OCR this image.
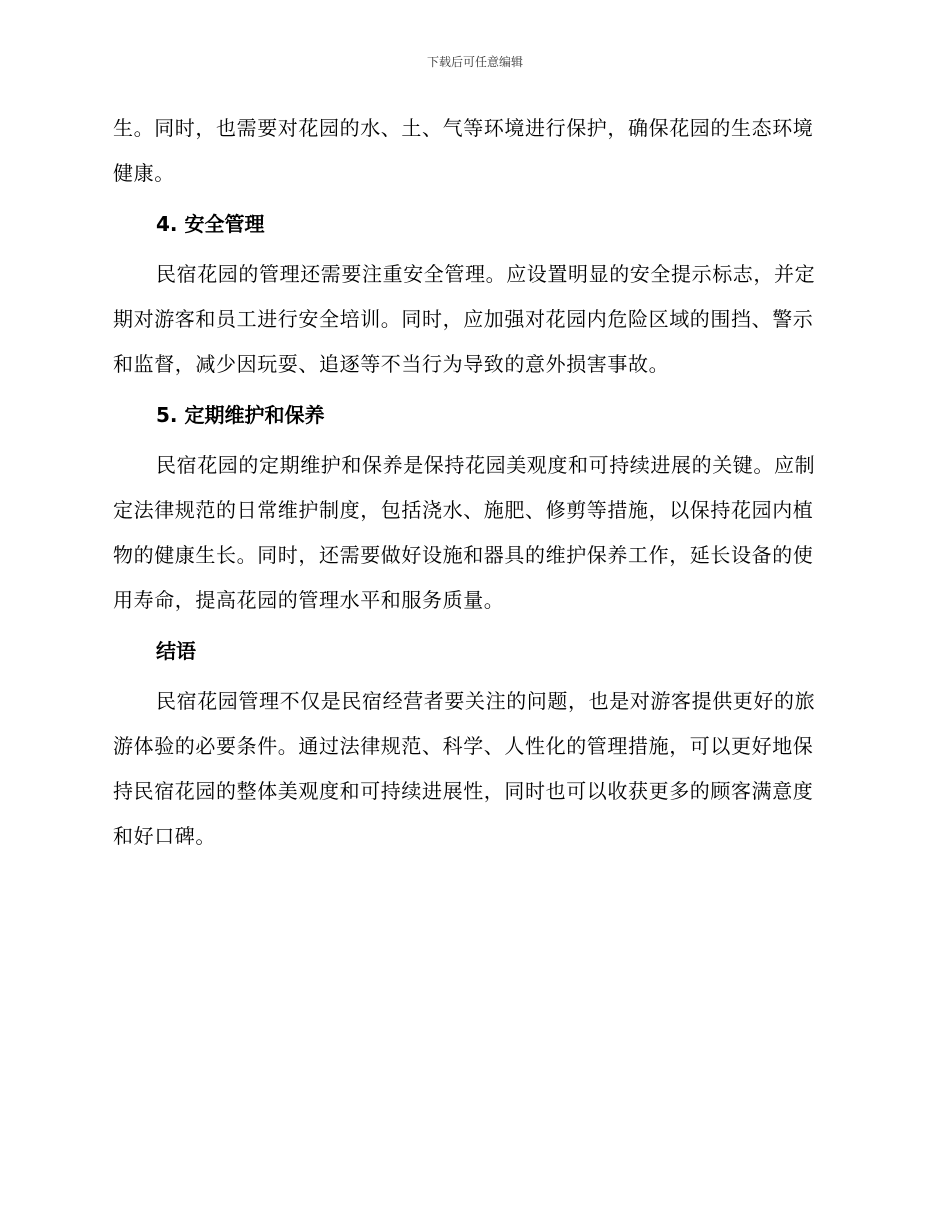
下载后可任意编辑

生。同时，也需要对花园的水、土、气等环境进行保护，确保花园的生态环境健康。

4. 安全管理

民宿花园的管理还需要注重安全管理。应设置明显的安全提示标志，并定期对游客和员工进行安全培训。同时，应加强对花园内危险区域的围挡、警示和监督，减少因玩耍、追逐等不当行为导致的意外损害事故。

5. 定期维护和保养

民宿花园的定期维护和保养是保持花园美观度和可持续进展的关键。应制定法律规范的日常维护制度，包括浇水、施肥、修剪等措施，以保持花园内植物的健康生长。同时，还需要做好设施和器具的维护保养工作，延长设备的使用寿命，提高花园的管理水平和服务质量。

结语

民宿花园管理不仅是民宿经营者要关注的问题，也是对游客提供更好的旅游体验的必要条件。通过法律规范、科学、人性化的管理措施，可以更好地保持民宿花园的整体美观度和可持续进展性，同时也可以收获更多的顾客满意度和好口碑。
